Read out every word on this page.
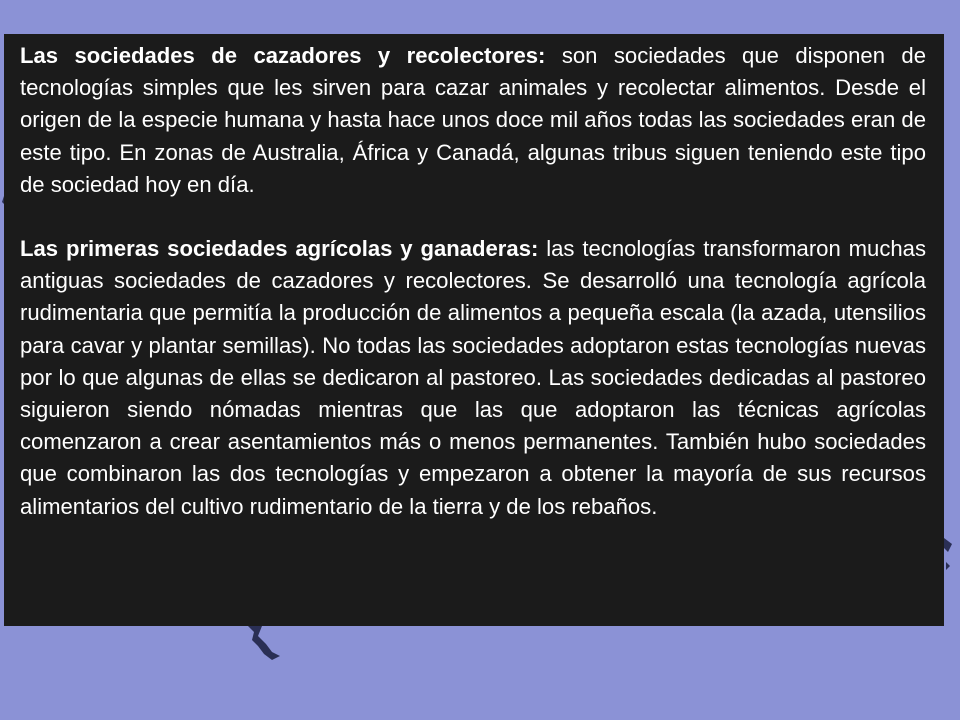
Las sociedades de cazadores y recolectores: son sociedades que disponen de tecnologías simples que les sirven para cazar animales y recolectar alimentos. Desde el origen de la especie humana y hasta hace unos doce mil años todas las sociedades eran de este tipo. En zonas de Australia, África y Canadá, algunas tribus siguen teniendo este tipo de sociedad hoy en día.

Las primeras sociedades agrícolas y ganaderas: las tecnologías transformaron muchas antiguas sociedades de cazadores y recolectores. Se desarrolló una tecnología agrícola rudimentaria que permitía la producción de alimentos a pequeña escala (la azada, utensilios para cavar y plantar semillas). No todas las sociedades adoptaron estas tecnologías nuevas por lo que algunas de ellas se dedicaron al pastoreo. Las sociedades dedicadas al pastoreo siguieron siendo nómadas mientras que las que adoptaron las técnicas agrícolas comenzaron a crear asentamientos más o menos permanentes. También hubo sociedades que combinaron las dos tecnologías y empezaron a obtener la mayoría de sus recursos alimentarios del cultivo rudimentario de la tierra y de los rebaños.
